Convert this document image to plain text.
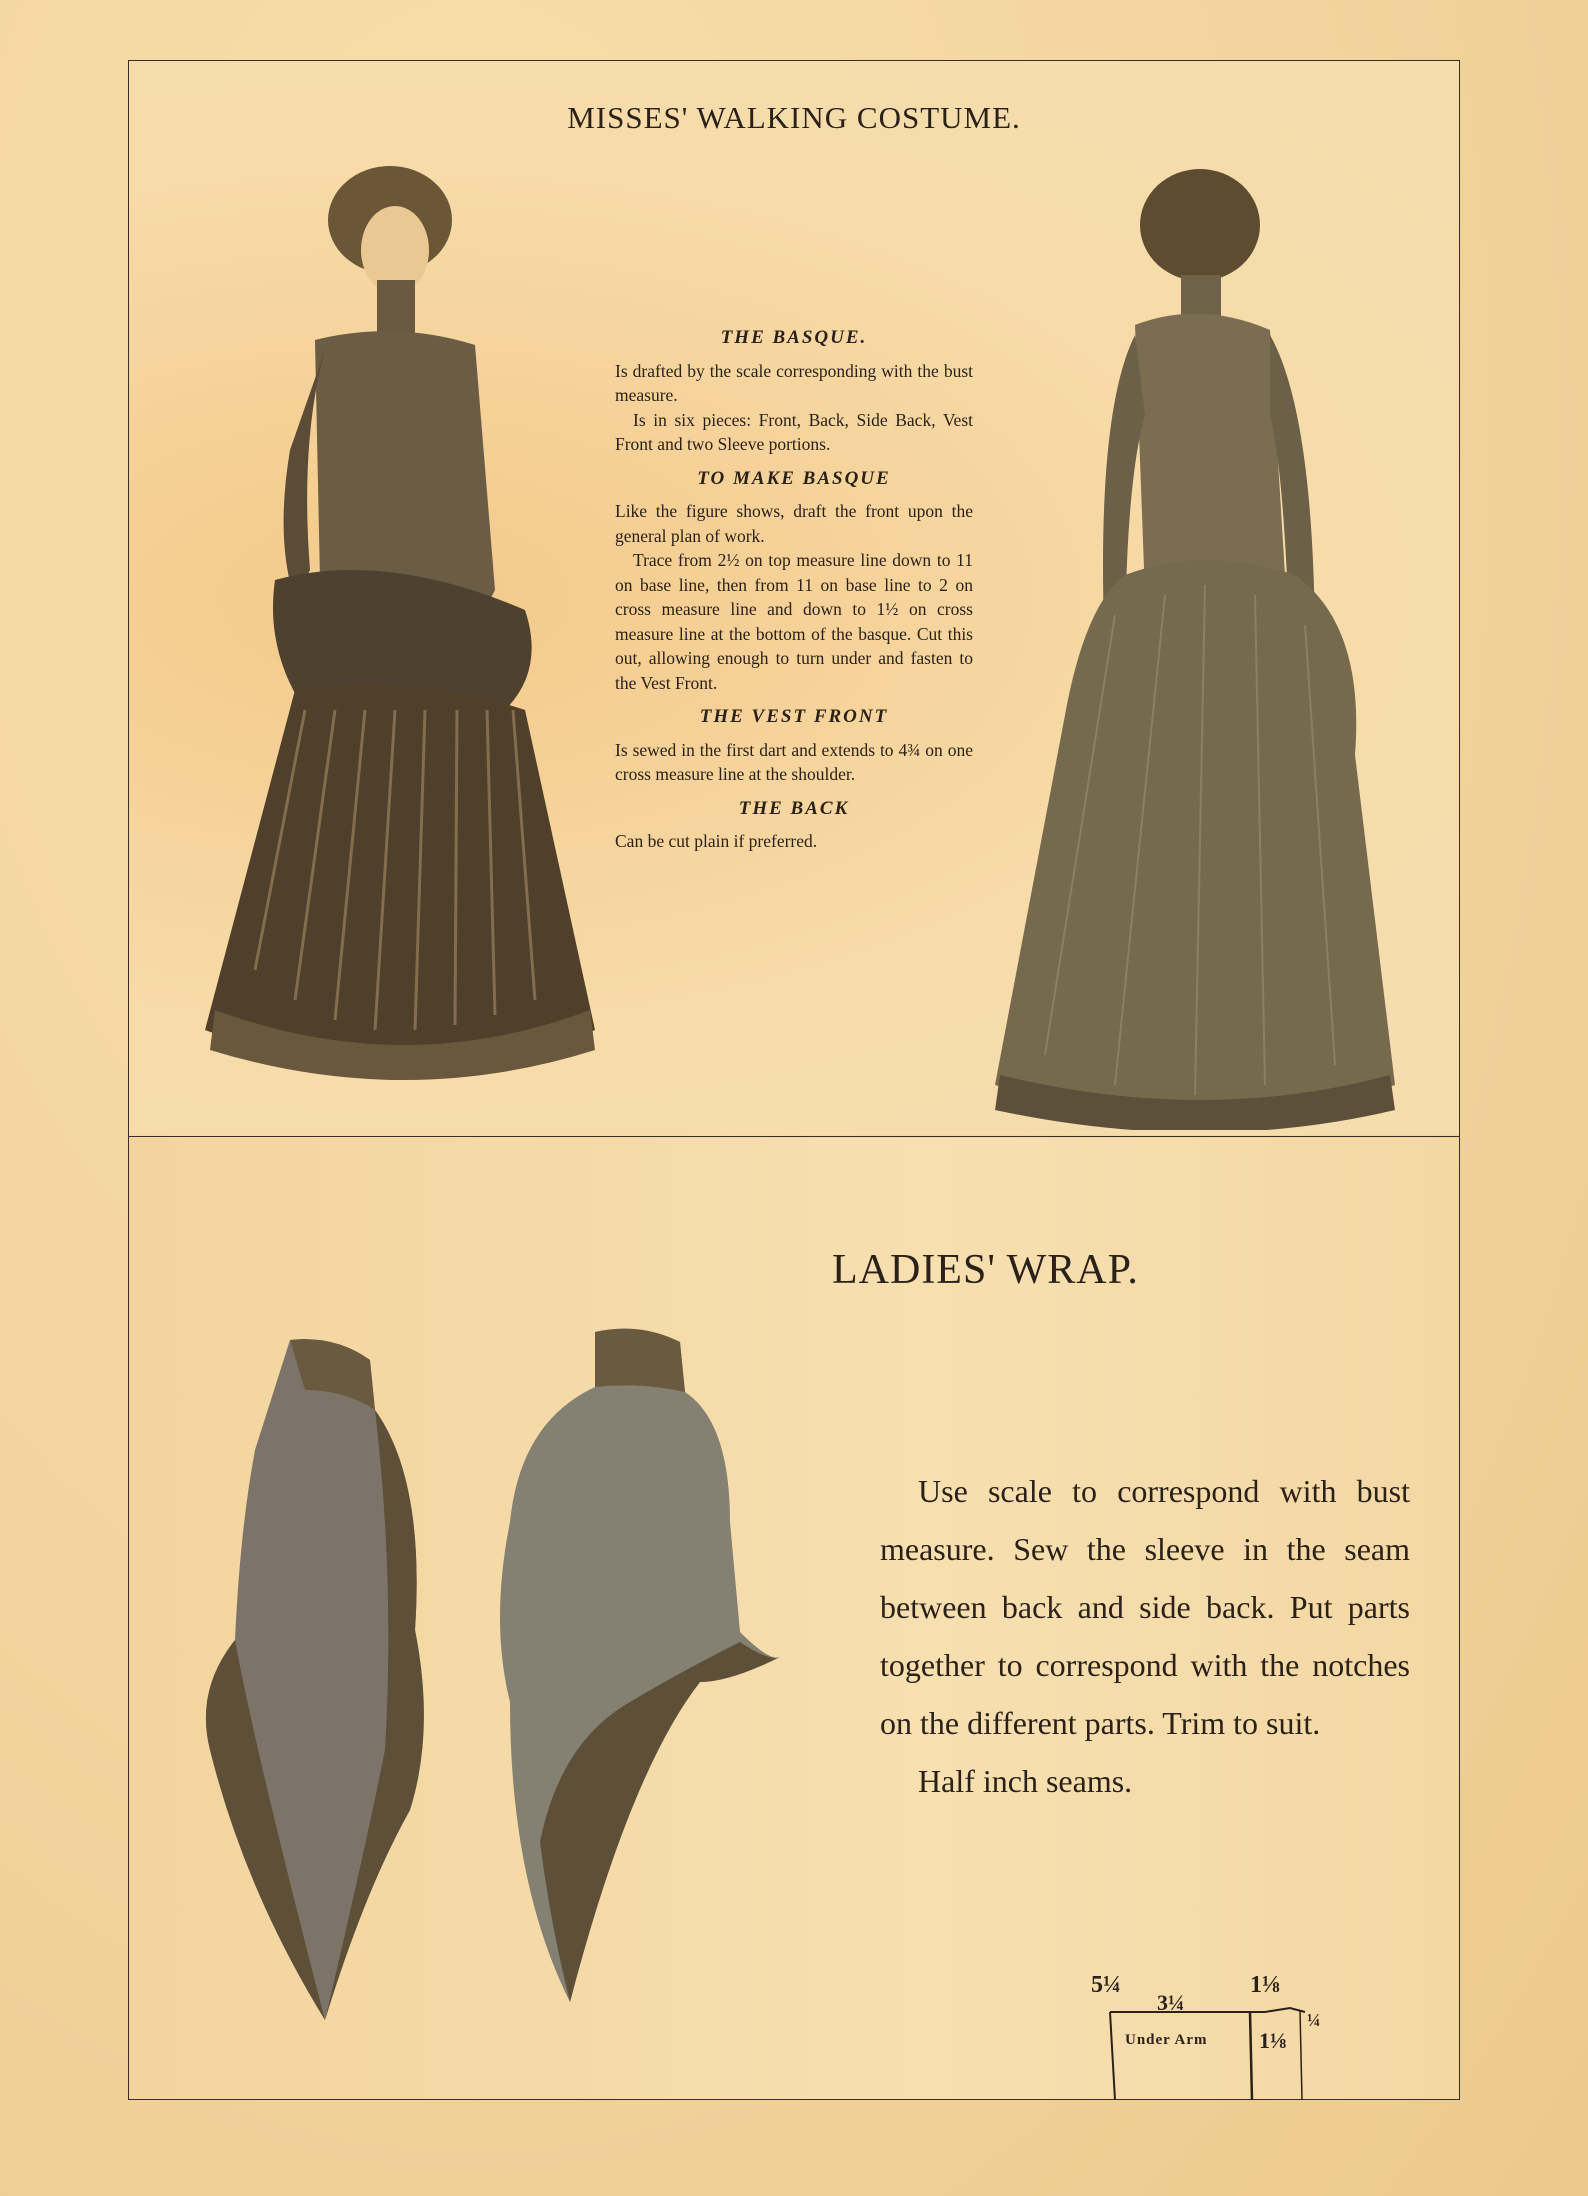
MISSES' WALKING COSTUME.
THE BASQUE.

Is drafted by the scale corresponding with the bust measure.

Is in six pieces: Front, Back, Side Back, Vest Front and two Sleeve portions.

TO MAKE BASQUE

Like the figure shows, draft the front upon the general plan of work.

Trace from 2½ on top measure line down to 11 on base line, then from 11 on base line to 2 on cross measure line and down to 1½ on cross measure line at the bottom of the basque. Cut this out, allowing enough to turn under and fasten to the Vest Front.

THE VEST FRONT

Is sewed in the first dart and extends to 4¾ on one cross measure line at the shoulder.

THE BACK

Can be cut plain if preferred.

LADIES' WRAP.

Use scale to correspond with bust measure. Sew the sleeve in the seam between back and side back. Put parts together to correspond with the notches on the different parts. Trim to suit.

Half inch seams.

5¼
3¼
1⅛
¼
1⅛
Under Arm
